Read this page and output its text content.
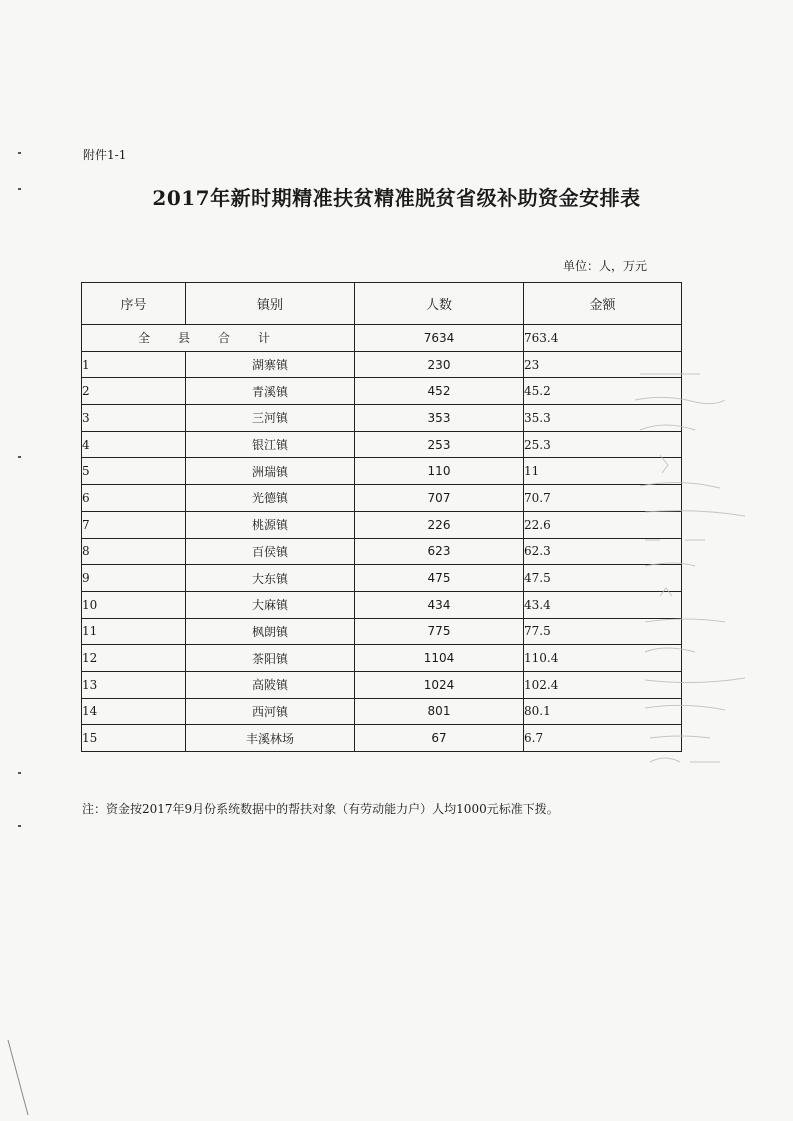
附件1-1
2017年新时期精准扶贫精准脱贫省级补助资金安排表
单位：人，万元
序号	镇别	人数	金额
全县合计		7634	763.4
1	湖寨镇	230	23
2	青溪镇	452	45.2
3	三河镇	353	35.3
4	银江镇	253	25.3
5	洲瑞镇	110	11
6	光德镇	707	70.7
7	桃源镇	226	22.6
8	百侯镇	623	62.3
9	大东镇	475	47.5
10	大麻镇	434	43.4
11	枫朗镇	775	77.5
12	茶阳镇	1104	110.4
13	高陂镇	1024	102.4
14	西河镇	801	80.1
15	丰溪林场	67	6.7
注：资金按2017年9月份系统数据中的帮扶对象（有劳动能力户）人均1000元标准下拨。
